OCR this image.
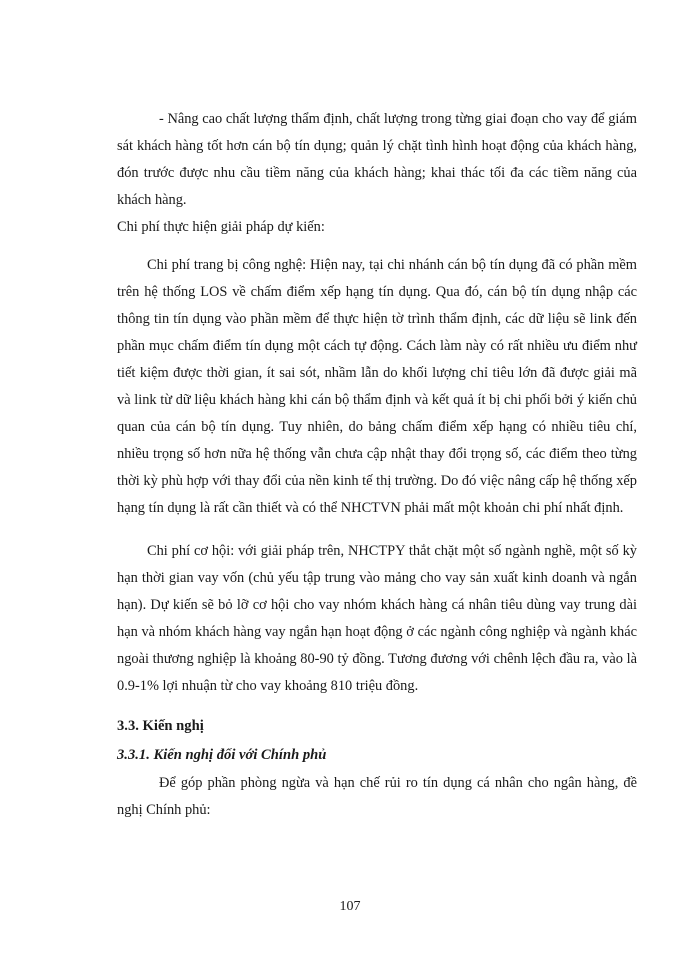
- Nâng cao chất lượng thẩm định, chất lượng trong từng giai đoạn cho vay để giám sát khách hàng tốt hơn cán bộ tín dụng; quản lý chặt tình hình hoạt động của khách hàng, đón trước được nhu cầu tiềm năng của khách hàng; khai thác tối đa các tiềm năng của khách hàng.

Chi phí thực hiện giải pháp dự kiến:

Chi phí trang bị công nghệ: Hiện nay, tại chi nhánh cán bộ tín dụng đã có phần mềm trên hệ thống LOS về chấm điểm xếp hạng tín dụng. Qua đó, cán bộ tín dụng nhập các thông tin tín dụng vào phần mềm để thực hiện tờ trình thẩm định, các dữ liệu sẽ link đến phần mục chấm điểm tín dụng một cách tự động. Cách làm này có rất nhiều ưu điểm như tiết kiệm được thời gian, ít sai sót, nhầm lẫn do khối lượng chỉ tiêu lớn đã được giải mã và link từ dữ liệu khách hàng khi cán bộ thẩm định và kết quả ít bị chi phối bởi ý kiến chủ quan của cán bộ tín dụng. Tuy nhiên, do bảng chấm điểm xếp hạng có nhiều tiêu chí, nhiều trọng số hơn nữa hệ thống vẫn chưa cập nhật thay đổi trọng số, các điểm theo từng thời kỳ phù hợp với thay đổi của nền kinh tế thị trường. Do đó việc nâng cấp hệ thống xếp hạng tín dụng là rất cần thiết và có thể NHCTVN phải mất một khoản chi phí nhất định.

Chi phí cơ hội: với giải pháp trên, NHCTPY thắt chặt một số ngành nghề, một số kỳ hạn thời gian vay vốn (chủ yếu tập trung vào mảng cho vay sản xuất kinh doanh và ngắn hạn). Dự kiến sẽ bỏ lỡ cơ hội cho vay nhóm khách hàng cá nhân tiêu dùng vay trung dài hạn và nhóm khách hàng vay ngắn hạn hoạt động ở các ngành công nghiệp và ngành khác ngoài thương nghiệp là khoảng 80-90 tỷ đồng. Tương đương với chênh lệch đầu ra, vào là 0.9-1% lợi nhuận từ cho vay khoảng 810 triệu đồng.

3.3. Kiến nghị
3.3.1. Kiến nghị đối với Chính phủ

Để góp phần phòng ngừa và hạn chế rủi ro tín dụng cá nhân cho ngân hàng, đề nghị Chính phủ:

107
